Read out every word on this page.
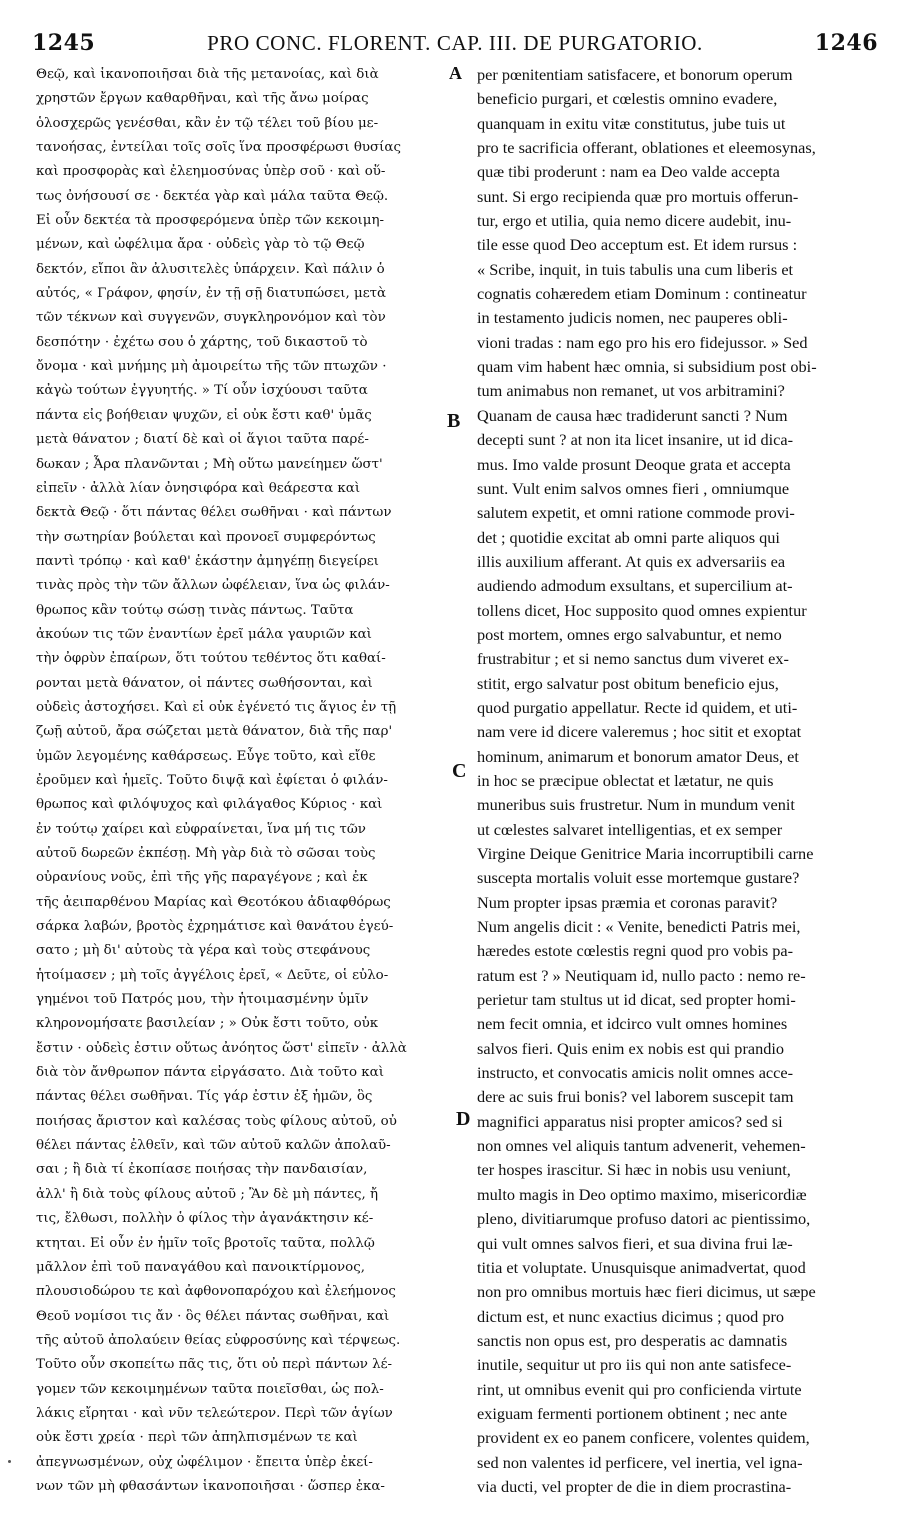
1245	PRO CONC. FLORENT. CAP. III. DE PURGATORIO.	1246
Θεῷ, καὶ ἱκανοποιῆσαι διὰ τῆς μετανοίας, καὶ διὰ
χρηστῶν ἔργων καθαρθῆναι, καὶ τῆς ἄνω μοίρας
ὁλοσχερῶς γενέσθαι, κἂν ἐν τῷ τέλει τοῦ βίου με-
τανοήσας, ἐντείλαι τοῖς σοῖς ἵνα προσφέρωσι θυσίας
καὶ προσφορὰς καὶ ἐλεημοσύνας ὑπὲρ σοῦ · καὶ οὕ-
τως ὀνήσουσί σε · δεκτέα γὰρ καὶ μάλα ταῦτα Θεῷ.
Εἰ οὖν δεκτέα τὰ προσφερόμενα ὑπὲρ τῶν κεκοιμη-
μένων, καὶ ὠφέλιμα ἄρα · οὐδεὶς γὰρ τὸ τῷ Θεῷ
δεκτόν, εἴποι ἂν ἀλυσιτελὲς ὑπάρχειν. Καὶ πάλιν ὁ
αὐτός, « Γράφον, φησίν, ἐν τῇ σῇ διατυπώσει, μετὰ
τῶν τέκνων καὶ συγγενῶν, συγκληρονόμον καὶ τὸν
δεσπότην · ἐχέτω σου ὁ χάρτης, τοῦ δικαστοῦ τὸ
ὄνομα · καὶ μνήμης μὴ ἀμοιρείτω τῆς τῶν πτωχῶν ·
κἀγὼ τούτων ἐγγυητής. » Τί οὖν ἰσχύουσι ταῦτα
πάντα εἰς βοήθειαν ψυχῶν, εἰ οὐκ ἔστι καθ' ὑμᾶς
μετὰ θάνατον ; διατί δὲ καὶ οἱ ἅγιοι ταῦτα παρέ-
δωκαν ; Ἆρα πλανῶνται ; Μὴ οὕτω μανείημεν ὥστ'
εἰπεῖν · ἀλλὰ λίαν ὀνησιφόρα καὶ θεάρεστα καὶ
δεκτὰ Θεῷ · ὅτι πάντας θέλει σωθῆναι · καὶ πάντων
τὴν σωτηρίαν βούλεται καὶ προνοεῖ συμφερόντως
παντὶ τρόπῳ · καὶ καθ' ἑκάστην ἀμηγέπῃ διεγείρει
τινὰς πρὸς τὴν τῶν ἄλλων ὠφέλειαν, ἵνα ὡς φιλάν-
θρωπος κἂν τούτῳ σώσῃ τινὰς πάντως. Ταῦτα
ἀκούων τις τῶν ἐναντίων ἐρεῖ μάλα γαυριῶν καὶ
τὴν ὀφρὺν ἐπαίρων, ὅτι τούτου τεθέντος ὅτι καθαί-
ρονται μετὰ θάνατον, οἱ πάντες σωθήσονται, καὶ
οὐδεὶς ἀστοχήσει. Καὶ εἰ οὐκ ἐγένετό τις ἅγιος ἐν τῇ
ζωῇ αὐτοῦ, ἄρα σώζεται μετὰ θάνατον, διὰ τῆς παρ'
ὑμῶν λεγομένης καθάρσεως. Εὖγε τοῦτο, καὶ εἴθε
ἐροῦμεν καὶ ἡμεῖς. Τοῦτο διψᾷ καὶ ἐφίεται ὁ φιλάν-
θρωπος καὶ φιλόψυχος καὶ φιλάγαθος Κύριος · καὶ
ἐν τούτῳ χαίρει καὶ εὐφραίνεται, ἵνα μή τις τῶν
αὐτοῦ δωρεῶν ἐκπέσῃ. Μὴ γὰρ διὰ τὸ σῶσαι τοὺς
οὐρανίους νοῦς, ἐπὶ τῆς γῆς παραγέγονε ; καὶ ἐκ
τῆς ἀειπαρθένου Μαρίας καὶ Θεοτόκου ἀδιαφθόρως
σάρκα λαβών, βροτὸς ἐχρημάτισε καὶ θανάτου ἐγεύ-
σατο ; μὴ δι' αὐτοὺς τὰ γέρα καὶ τοὺς στεφάνους
ἡτοίμασεν ; μὴ τοῖς ἀγγέλοις ἐρεῖ, « Δεῦτε, οἱ εὐλο-
γημένοι τοῦ Πατρός μου, τὴν ἡτοιμασμένην ὑμῖν
κληρονομήσατε βασιλείαν ; » Οὐκ ἔστι τοῦτο, οὐκ
ἔστιν · οὐδεὶς ἐστιν οὕτως ἀνόητος ὥστ' εἰπεῖν · ἀλλὰ
διὰ τὸν ἄνθρωπον πάντα εἰργάσατο. Διὰ τοῦτο καὶ
πάντας θέλει σωθῆναι. Τίς γάρ ἐστιν ἐξ ἡμῶν, ὃς
ποιήσας ἄριστον καὶ καλέσας τοὺς φίλους αὐτοῦ, οὐ
θέλει πάντας ἐλθεῖν, καὶ τῶν αὐτοῦ καλῶν ἀπολαῦ-
σαι ; ἢ διὰ τί ἐκοπίασε ποιήσας τὴν πανδαισίαν,
ἀλλ' ἢ διὰ τοὺς φίλους αὐτοῦ ; Ἂν δὲ μὴ πάντες, ἤ
τις, ἔλθωσι, πολλὴν ὁ φίλος τὴν ἀγανάκτησιν κέ-
κτηται. Εἰ οὖν ἐν ἡμῖν τοῖς βροτοῖς ταῦτα, πολλῷ
μᾶλλον ἐπὶ τοῦ παναγάθου καὶ πανοικτίρμονος,
πλουσιοδώρου τε καὶ ἀφθονοπαρόχου καὶ ἐλεήμονος
Θεοῦ νομίσοι τις ἄν · ὃς θέλει πάντας σωθῆναι, καὶ
τῆς αὐτοῦ ἀπολαύειν θείας εὐφροσύνης καὶ τέρψεως.
Τοῦτο οὖν σκοπείτω πᾶς τις, ὅτι οὐ περὶ πάντων λέ-
γομεν τῶν κεκοιμημένων ταῦτα ποιεῖσθαι, ὡς πολ-
λάκις εἴρηται · καὶ νῦν τελεώτερον. Περὶ τῶν ἁγίων
οὐκ ἔστι χρεία · περὶ τῶν ἀπηλπισμένων τε καὶ
ἀπεγνωσμένων, οὐχ ὠφέλιμον · ἔπειτα ὑπὲρ ἐκεί-
νων τῶν μὴ φθασάντων ἱκανοποιῆσαι · ὥσπερ ἐκα-
per pœnitentiam satisfacere, et bonorum operum
beneficio purgari, et cœlestis omnino evadere,
quanquam in exitu vitæ constitutus, jube tuis ut
pro te sacrificia offerant, oblationes et eleemosynas,
quæ tibi proderunt : nam ea Deo valde accepta
sunt. Si ergo recipienda quæ pro mortuis offerun-
tur, ergo et utilia, quia nemo dicere audebit, inu-
tile esse quod Deo acceptum est. Et idem rursus :
« Scribe, inquit, in tuis tabulis una cum liberis et
cognatis cohæredem etiam Dominum : contineatur
in testamento judicis nomen, nec pauperes obli-
vioni tradas : nam ego pro his ero fidejussor. » Sed
quam vim habent hæc omnia, si subsidium post obi-
tum animabus non remanet, ut vos arbitramini?
Quanam de causa hæc tradiderunt sancti ? Num
decepti sunt ? at non ita licet insanire, ut id dica-
mus. Imo valde prosunt Deoque grata et accepta
sunt. Vult enim salvos omnes fieri , omniumque
salutem expetit, et omni ratione commode provi-
det ; quotidie excitat ab omni parte aliquos qui
illis auxilium afferant. At quis ex adversariis ea
audiendo admodum exsultans, et supercilium at-
tollens dicet, Hoc supposito quod omnes expientur
post mortem, omnes ergo salvabuntur, et nemo
frustrabitur ; et si nemo sanctus dum viveret ex-
stitit, ergo salvatur post obitum beneficio ejus,
quod purgatio appellatur. Recte id quidem, et uti-
nam vere id dicere valeremus ; hoc sitit et exoptat
hominum, animarum et bonorum amator Deus, et
in hoc se præcipue oblectat et lætatur, ne quis
muneribus suis frustretur. Num in mundum venit
ut cœlestes salvaret intelligentias, et ex semper
Virgine Deique Genitrice Maria incorruptibili carne
suscepta mortalis voluit esse mortemque gustare?
Num propter ipsas præmia et coronas paravit?
Num angelis dicit : « Venite, benedicti Patris mei,
hæredes estote cœlestis regni quod pro vobis pa-
ratum est ? » Neutiquam id, nullo pacto : nemo re-
perietur tam stultus ut id dicat, sed propter homi-
nem fecit omnia, et idcirco vult omnes homines
salvos fieri. Quis enim ex nobis est qui prandio
instructo, et convocatis amicis nolit omnes acce-
dere ac suis frui bonis? vel laborem suscepit tam
magnifici apparatus nisi propter amicos? sed si
non omnes vel aliquis tantum advenerit, vehemen-
ter hospes irascitur. Si hæc in nobis usu veniunt,
multo magis in Deo optimo maximo, misericordiæ
pleno, divitiarumque profuso datori ac pientissimo,
qui vult omnes salvos fieri, et sua divina frui læ-
titia et voluptate. Unusquisque animadvertat, quod
non pro omnibus mortuis hæc fieri dicimus, ut sæpe
dictum est, et nunc exactius dicimus ; quod pro
sanctis non opus est, pro desperatis ac damnatis
inutile, sequitur ut pro iis qui non ante satisfece-
rint, ut omnibus evenit qui pro conficienda virtute
exiguam fermenti portionem obtinent ; nec ante
provident ex eo panem conficere, volentes quidem,
sed non valentes id perficere, vel inertia, vel igna-
via ducti, vel propter de die in diem procrastina-
A
B
C
D
